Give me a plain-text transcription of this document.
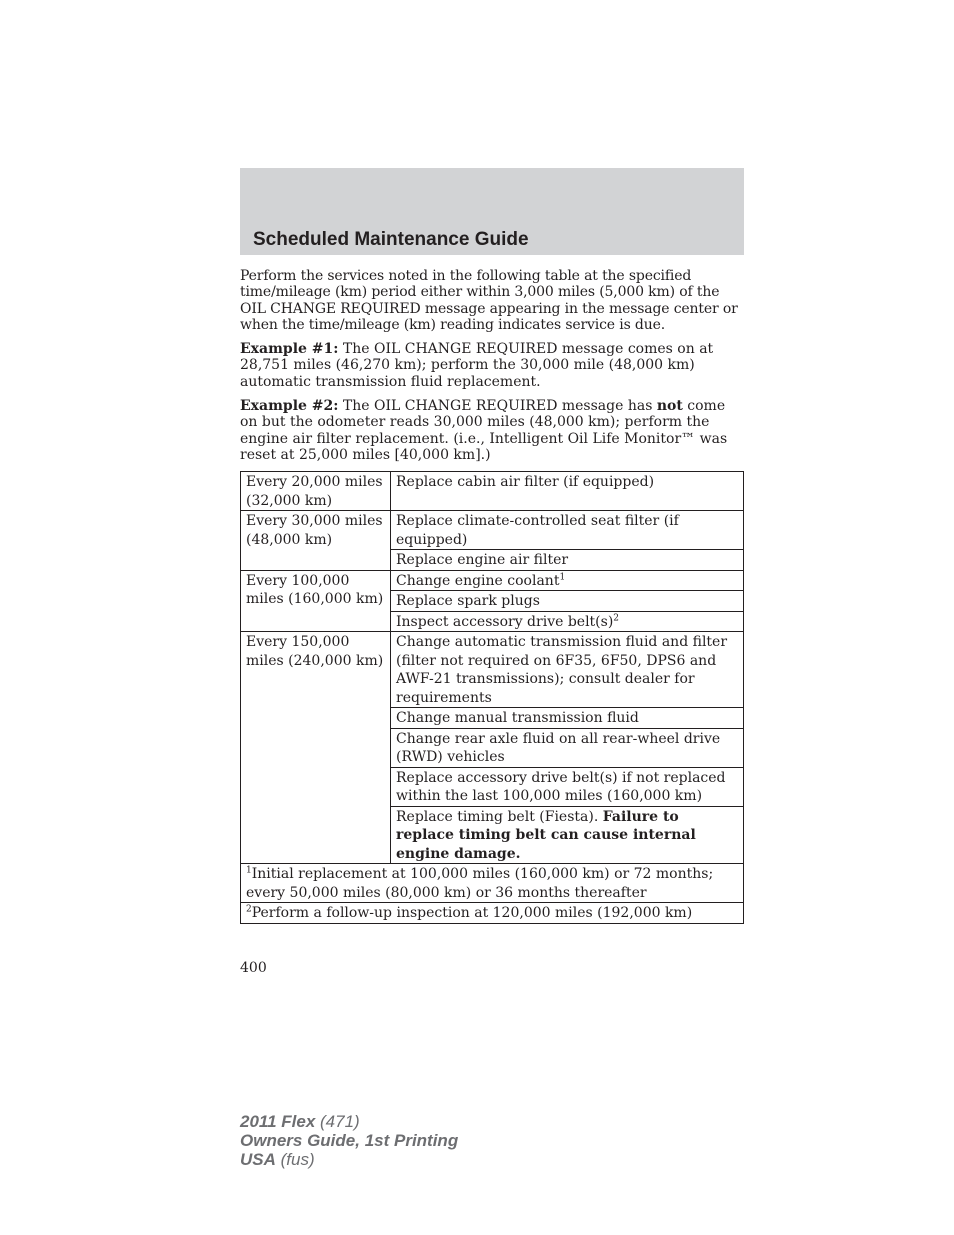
Scheduled Maintenance Guide

Perform the services noted in the following table at the specified time/mileage (km) period either within 3,000 miles (5,000 km) of the OIL CHANGE REQUIRED message appearing in the message center or when the time/mileage (km) reading indicates service is due.

Example #1: The OIL CHANGE REQUIRED message comes on at 28,751 miles (46,270 km); perform the 30,000 mile (48,000 km) automatic transmission fluid replacement.

Example #2: The OIL CHANGE REQUIRED message has not come on but the odometer reads 30,000 miles (48,000 km); perform the engine air filter replacement. (i.e., Intelligent Oil Life Monitor™ was reset at 25,000 miles [40,000 km].)

Every 20,000 miles (32,000 km)	Replace cabin air filter (if equipped)
Every 30,000 miles (48,000 km)	Replace climate-controlled seat filter (if equipped)
	Replace engine air filter
Every 100,000 miles (160,000 km)	Change engine coolant$^1$
	Replace spark plugs
	Inspect accessory drive $belt(s)^2$
Every 150,000 miles (240,000 km)	Change automatic transmission fluid and filter (filter not required on 6F35, 6F50, DPS6 and AWF-21 transmissions); consult dealer for requirements
	Change manual transmission fluid
	Change rear axle fluid on all rear-wheel drive (RWD) vehicles
	Replace accessory drive belt(s) if not replaced within the last 100,000 miles (160,000 km)
	Replace timing belt (Fiesta). Failure to replace timing belt can cause internal engine damage.
$^1$Initial replacement at 100,000 miles (160,000 km) or 72 months; every 50,000 miles (80,000 km) or 36 months thereafter	
$^2$Perform a follow-up inspection at 120,000 miles (192,000 km)	
400
2011 Flex (471)
Owners Guide, 1st Printing
USA (fus)
